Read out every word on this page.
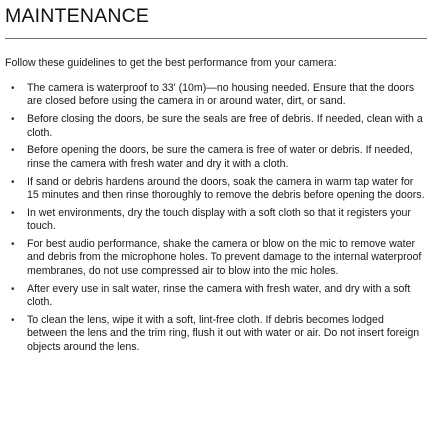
MAINTENANCE
Follow these guidelines to get the best performance from your camera:
• The camera is waterproof to 33' (10m)—no housing needed. Ensure that the doors are closed before using the camera in or around water, dirt, or sand.
• Before closing the doors, be sure the seals are free of debris. If needed, clean with a cloth.
• Before opening the doors, be sure the camera is free of water or debris. If needed, rinse the camera with fresh water and dry it with a cloth.
• If sand or debris hardens around the doors, soak the camera in warm tap water for 15 minutes and then rinse thoroughly to remove the debris before opening the doors.
• In wet environments, dry the touch display with a soft cloth so that it registers your touch.
• For best audio performance, shake the camera or blow on the mic to remove water and debris from the microphone holes. To prevent damage to the internal waterproof membranes, do not use compressed air to blow into the mic holes.
• After every use in salt water, rinse the camera with fresh water, and dry with a soft cloth.
• To clean the lens, wipe it with a soft, lint-free cloth. If debris becomes lodged between the lens and the trim ring, flush it out with water or air. Do not insert foreign objects around the lens.
